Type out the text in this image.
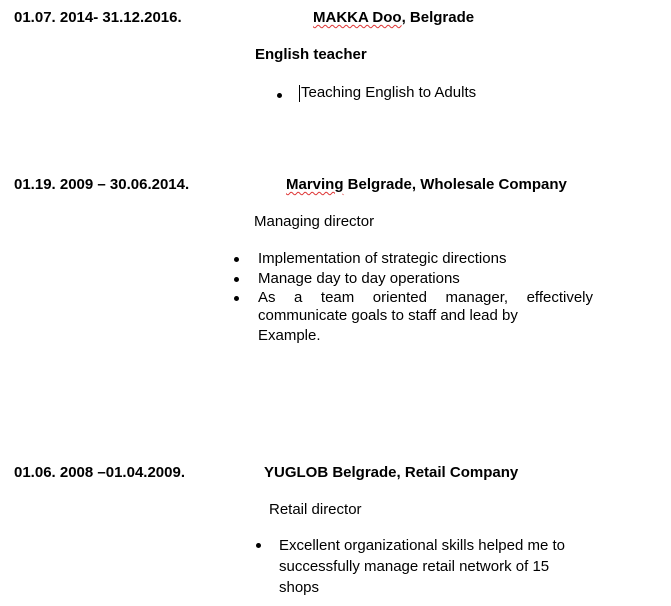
01.07. 2014- 31.12.2016.	MAKKA Doo, Belgrade
English teacher
Teaching English to Adults
01.19. 2009 – 30.06.2014.	Marving Belgrade, Wholesale Company
Managing director
Implementation of strategic directions
Manage day to day operations
As a team oriented manager, effectively communicate goals to staff and lead by
Example.
01.06. 2008 –01.04.2009.	YUGLOB Belgrade, Retail Company
Retail director
Excellent organizational skills helped me to
successfully manage retail network of 15
shops
